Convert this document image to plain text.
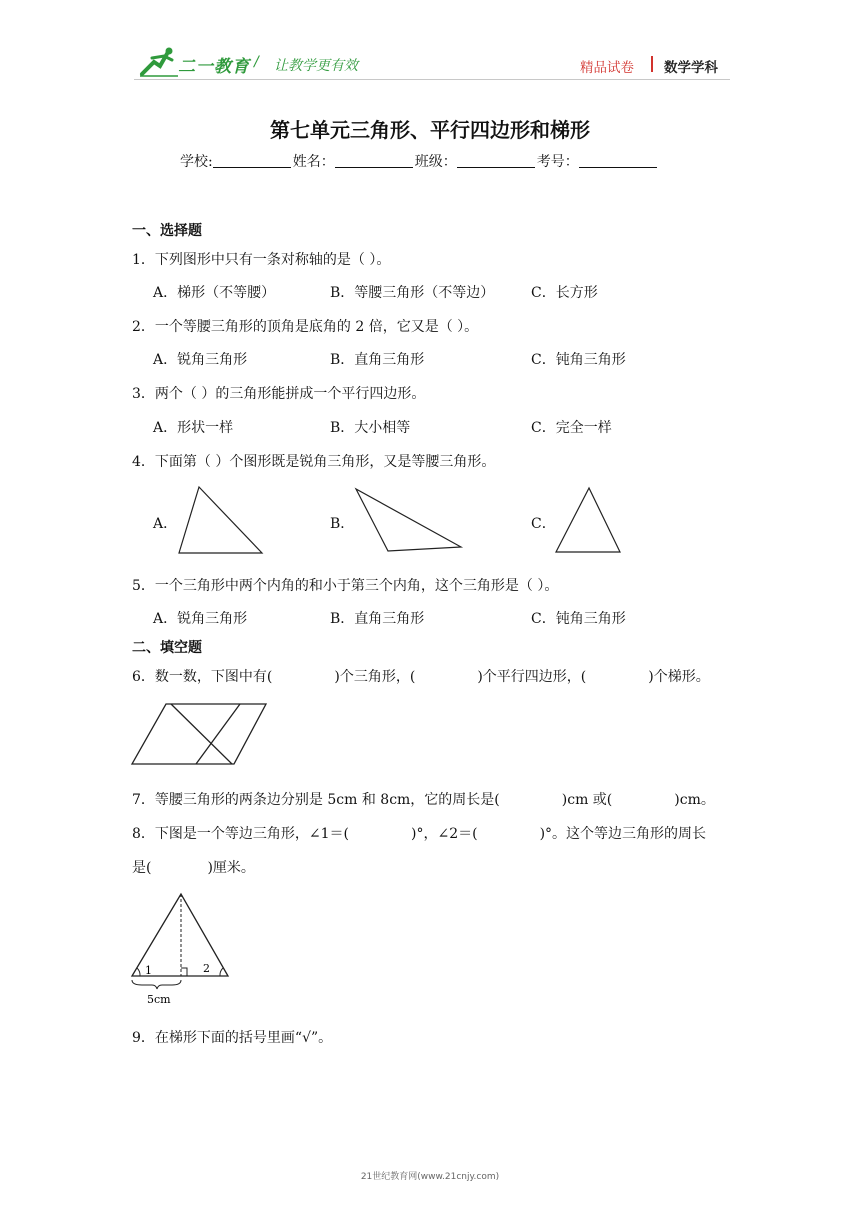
二一教育 / 让教学更有效	精品试卷 数学学科
第七单元三角形、平行四边形和梯形
学校:	姓名：	班级：	考号：
一、选择题
1．下列图形中只有一条对称轴的是（ ）。
A．梯形（不等腰）	B．等腰三角形（不等边）	C．长方形
2．一个等腰三角形的顶角是底角的 2 倍，它又是（ ）。
A．锐角三角形	B．直角三角形	C．钝角三角形
3．两个（ ）的三角形能拼成一个平行四边形。
A．形状一样	B．大小相等	C．完全一样
4．下面第（ ）个图形既是锐角三角形，又是等腰三角形。
A．	B．	C．
5．一个三角形中两个内角的和小于第三个内角，这个三角形是（ ）。
A．锐角三角形	B．直角三角形	C．钝角三角形
二、填空题
6．数一数，下图中有(	)个三角形，(	)个平行四边形，(	)个梯形。
7．等腰三角形的两条边分别是 5cm 和 8cm，它的周长是(	)cm 或(	)cm。
8．下图是一个等边三角形，∠1＝(	)°，∠2＝(	)°。这个等边三角形的周长
是(	)厘米。
1	2
5cm
9．在梯形下面的括号里画“√”。
21世纪教育网(www.21cnjy.com)
